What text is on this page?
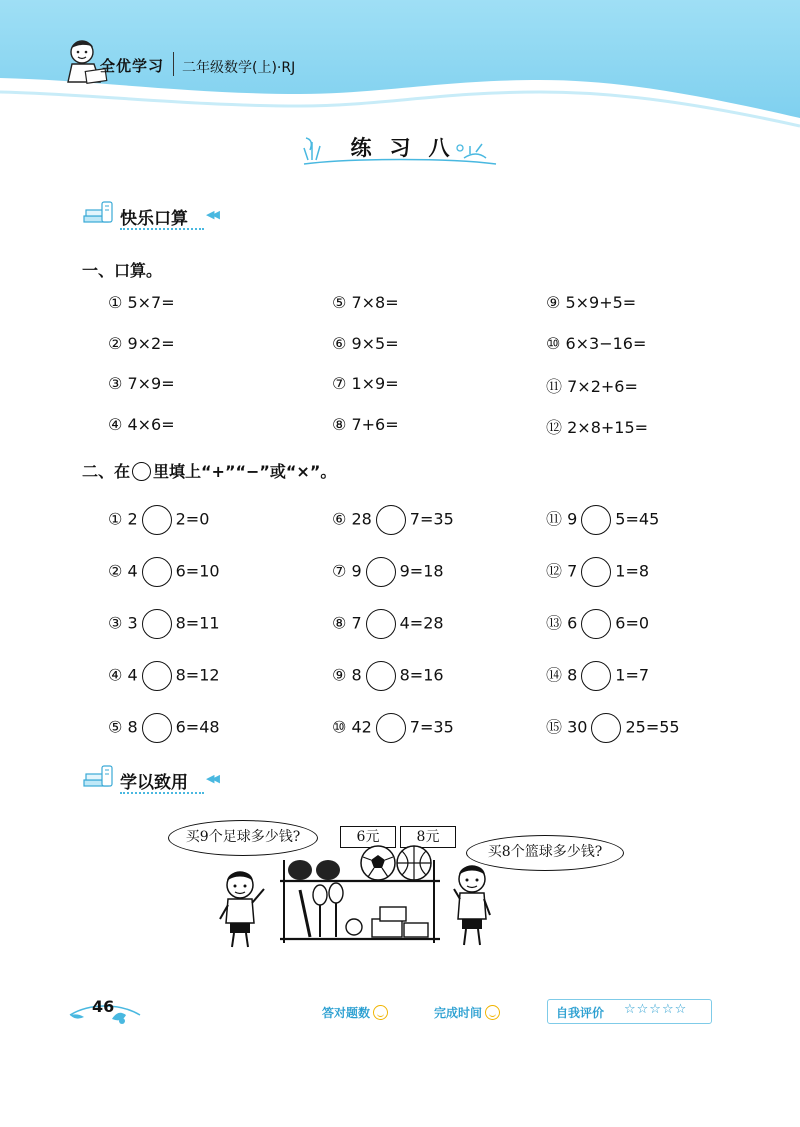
全优学习 二年级数学(上)·RJ
练习八
快乐口算 ◀◀
一、口算。
① 5×7=	⑤ 7×8=	⑨ 5×9+5=
② 9×2=	⑥ 9×5=	⑩ 6×3−16=
③ 7×9=	⑦ 1×9=	⑪ 7×2+6=
④ 4×6=	⑧ 7+6=	⑫ 2×8+15=
二、在 里填上“+”“−”或“×”。
① 2 2=0	⑥ 28 7=35	⑪ 9 5=45
② 4 6=10	⑦ 9 9=18	⑫ 7 1=8
③ 3 8=11	⑧ 7 4=28	⑬ 6 6=0
④ 4 8=12	⑨ 8 8=16	⑭ 8 1=7
⑤ 8 6=48	⑩ 42 7=35	⑮ 30 25=55
学以致用 ◀◀
买9个足球多少钱?
买8个篮球多少钱?
6元	8元
46	答对题数	完成时间	自我评价 ☆☆☆☆☆
